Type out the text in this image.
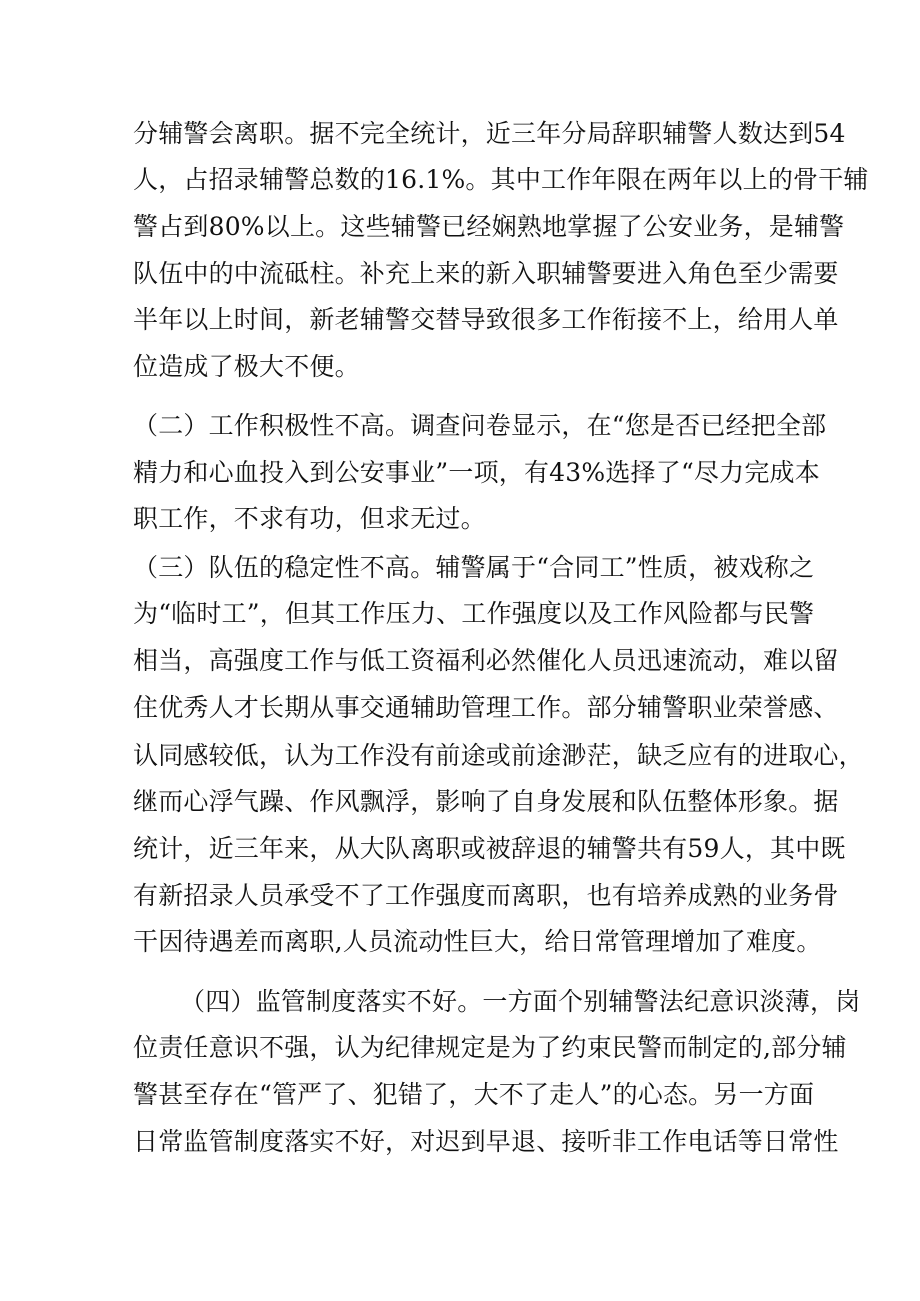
分辅警会离职。据不完全统计，近三年分局辞职辅警人数达到54
人，占招录辅警总数的16.1%。其中工作年限在两年以上的骨干辅
警占到80%以上。这些辅警已经娴熟地掌握了公安业务，是辅警
队伍中的中流砥柱。补充上来的新入职辅警要进入角色至少需要
半年以上时间，新老辅警交替导致很多工作衔接不上，给用人单
位造成了极大不便。
（二）工作积极性不高。调查问卷显示，在“您是否已经把全部
精力和心血投入到公安事业”一项，有43%选择了“尽力完成本
职工作，不求有功，但求无过。
（三）队伍的稳定性不高。辅警属于“合同工”性质，被戏称之
为“临时工”，但其工作压力、工作强度以及工作风险都与民警
相当，高强度工作与低工资福利必然催化人员迅速流动，难以留
住优秀人才长期从事交通辅助管理工作。部分辅警职业荣誉感、
认同感较低，认为工作没有前途或前途渺茫，缺乏应有的进取心，
继而心浮气躁、作风飘浮，影响了自身发展和队伍整体形象。据
统计，近三年来，从大队离职或被辞退的辅警共有59人，其中既
有新招录人员承受不了工作强度而离职，也有培养成熟的业务骨
干因待遇差而离职,人员流动性巨大，给日常管理增加了难度。
（四）监管制度落实不好。一方面个别辅警法纪意识淡薄，岗
位责任意识不强，认为纪律规定是为了约束民警而制定的,部分辅
警甚至存在“管严了、犯错了，大不了走人”的心态。另一方面
日常监管制度落实不好，对迟到早退、接听非工作电话等日常性
